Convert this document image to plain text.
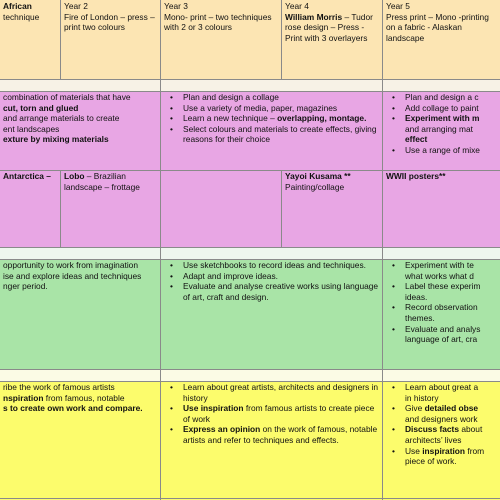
African
technique
Year 2
Fire of London – press – print two colours
Year 3
Mono- print – two techniques with 2 or 3 colours
Year 4
William Morris – Tudor rose design – Press - Print with 3 overlayers
Year 5
Press print – Mono -printing on a fabric - Alaskan landscape
combination of materials that have
cut, torn and glued
and arrange materials to create
ent landscapes
exture by mixing materials
• Plan and design a collage
• Use a variety of media, paper, magazines
• Learn a new technique – overlapping, montage.
• Select colours and materials to create effects, giving reasons for their choice
• Plan and design a c
• Add collage to paint
• Experiment with m
and arranging mat
effect
• Use a range of mixe
Antarctica –	Lobo – Brazilian landscape – frottage
Yayoi Kusama **
Painting/collage
WWII posters**
opportunity to work from imagination
ise and explore ideas and techniques
nger period.
• Use sketchbooks to record ideas and techniques.
• Adapt and improve ideas.
• Evaluate and analyse creative works using language of art, craft and design.
• Experiment with te what works what d
• Label these experim ideas.
• Record observation themes.
• Evaluate and analys language of art, cra
ribe the work of famous artists
nspiration from famous, notable
s to create own work and compare.
• Learn about great artists, architects and designers in history
• Use inspiration from famous artists to create piece of work
• Express an opinion on the work of famous, notable artists and refer to techniques and effects.
• Learn about great a in history
• Give detailed obse and designers work
• Discuss facts about architects’ lives
• Use inspiration from piece of work.
